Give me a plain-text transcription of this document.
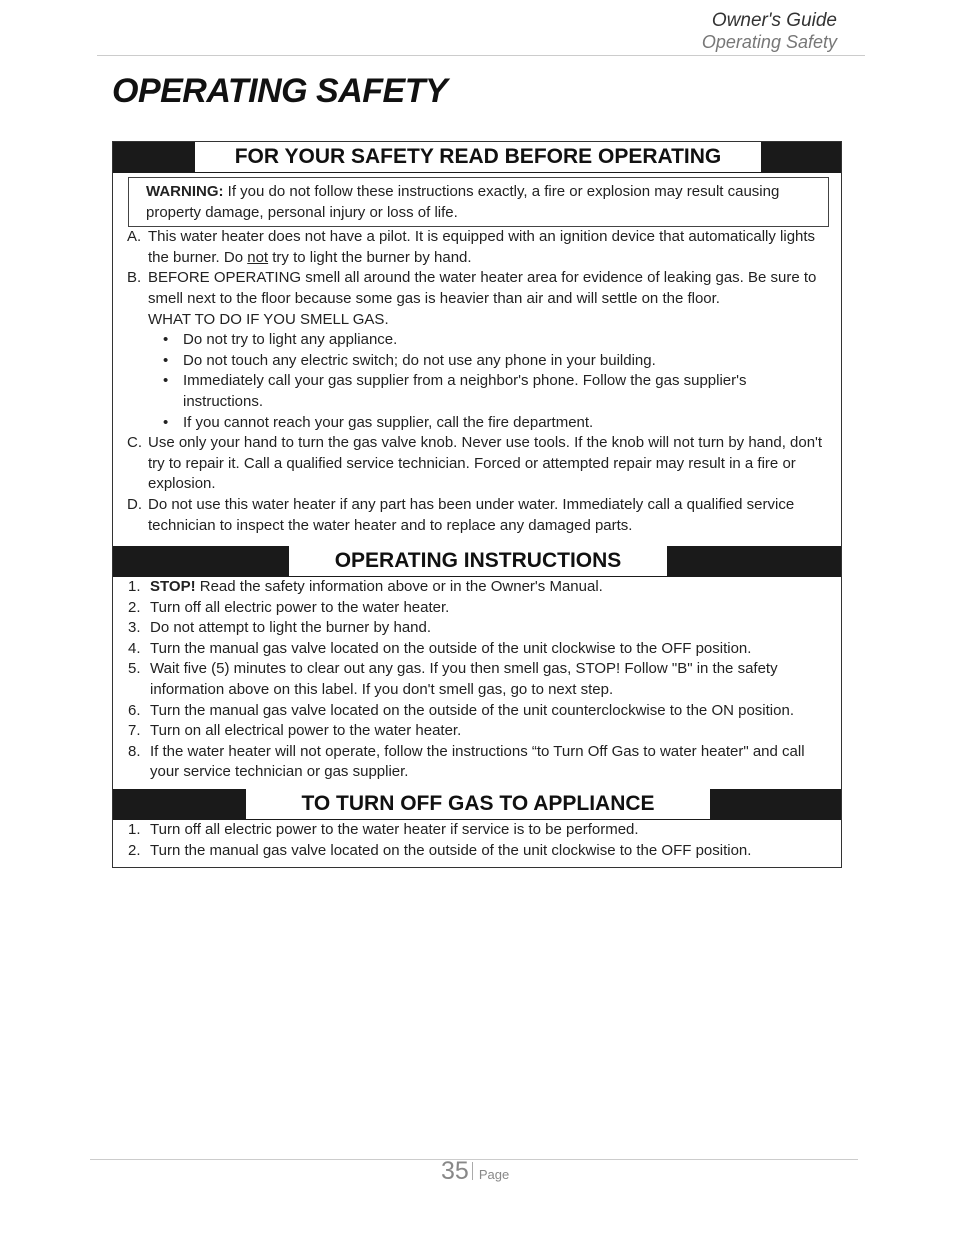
Owner's Guide
Operating Safety
OPERATING SAFETY
FOR YOUR SAFETY READ BEFORE OPERATING
WARNING: If you do not follow these instructions exactly, a fire or explosion may result causing property damage, personal injury or loss of life.
A. This water heater does not have a pilot. It is equipped with an ignition device that automatically lights the burner. Do not try to light the burner by hand.
B. BEFORE OPERATING smell all around the water heater area for evidence of leaking gas. Be sure to smell next to the floor because some gas is heavier than air and will settle on the floor.
WHAT TO DO IF YOU SMELL GAS.
• Do not try to light any appliance.
• Do not touch any electric switch; do not use any phone in your building.
• Immediately call your gas supplier from a neighbor's phone. Follow the gas supplier's instructions.
• If you cannot reach your gas supplier, call the fire department.
C. Use only your hand to turn the gas valve knob. Never use tools. If the knob will not turn by hand, don't try to repair it. Call a qualified service technician. Forced or attempted repair may result in a fire or explosion.
D. Do not use this water heater if any part has been under water. Immediately call a qualified service technician to inspect the water heater and to replace any damaged parts.
OPERATING INSTRUCTIONS
1. STOP! Read the safety information above or in the Owner's Manual.
2. Turn off all electric power to the water heater.
3. Do not attempt to light the burner by hand.
4. Turn the manual gas valve located on the outside of the unit clockwise to the OFF position.
5. Wait five (5) minutes to clear out any gas. If you then smell gas, STOP! Follow "B" in the safety information above on this label. If you don't smell gas, go to next step.
6. Turn the manual gas valve located on the outside of the unit counterclockwise to the ON position.
7. Turn on all electrical power to the water heater.
8. If the water heater will not operate, follow the instructions “to Turn Off Gas to water heater" and call your service technician or gas supplier.
TO TURN OFF GAS TO APPLIANCE
1. Turn off all electric power to the water heater if service is to be performed.
2. Turn the manual gas valve located on the outside of the unit clockwise to the OFF position.
35 Page
